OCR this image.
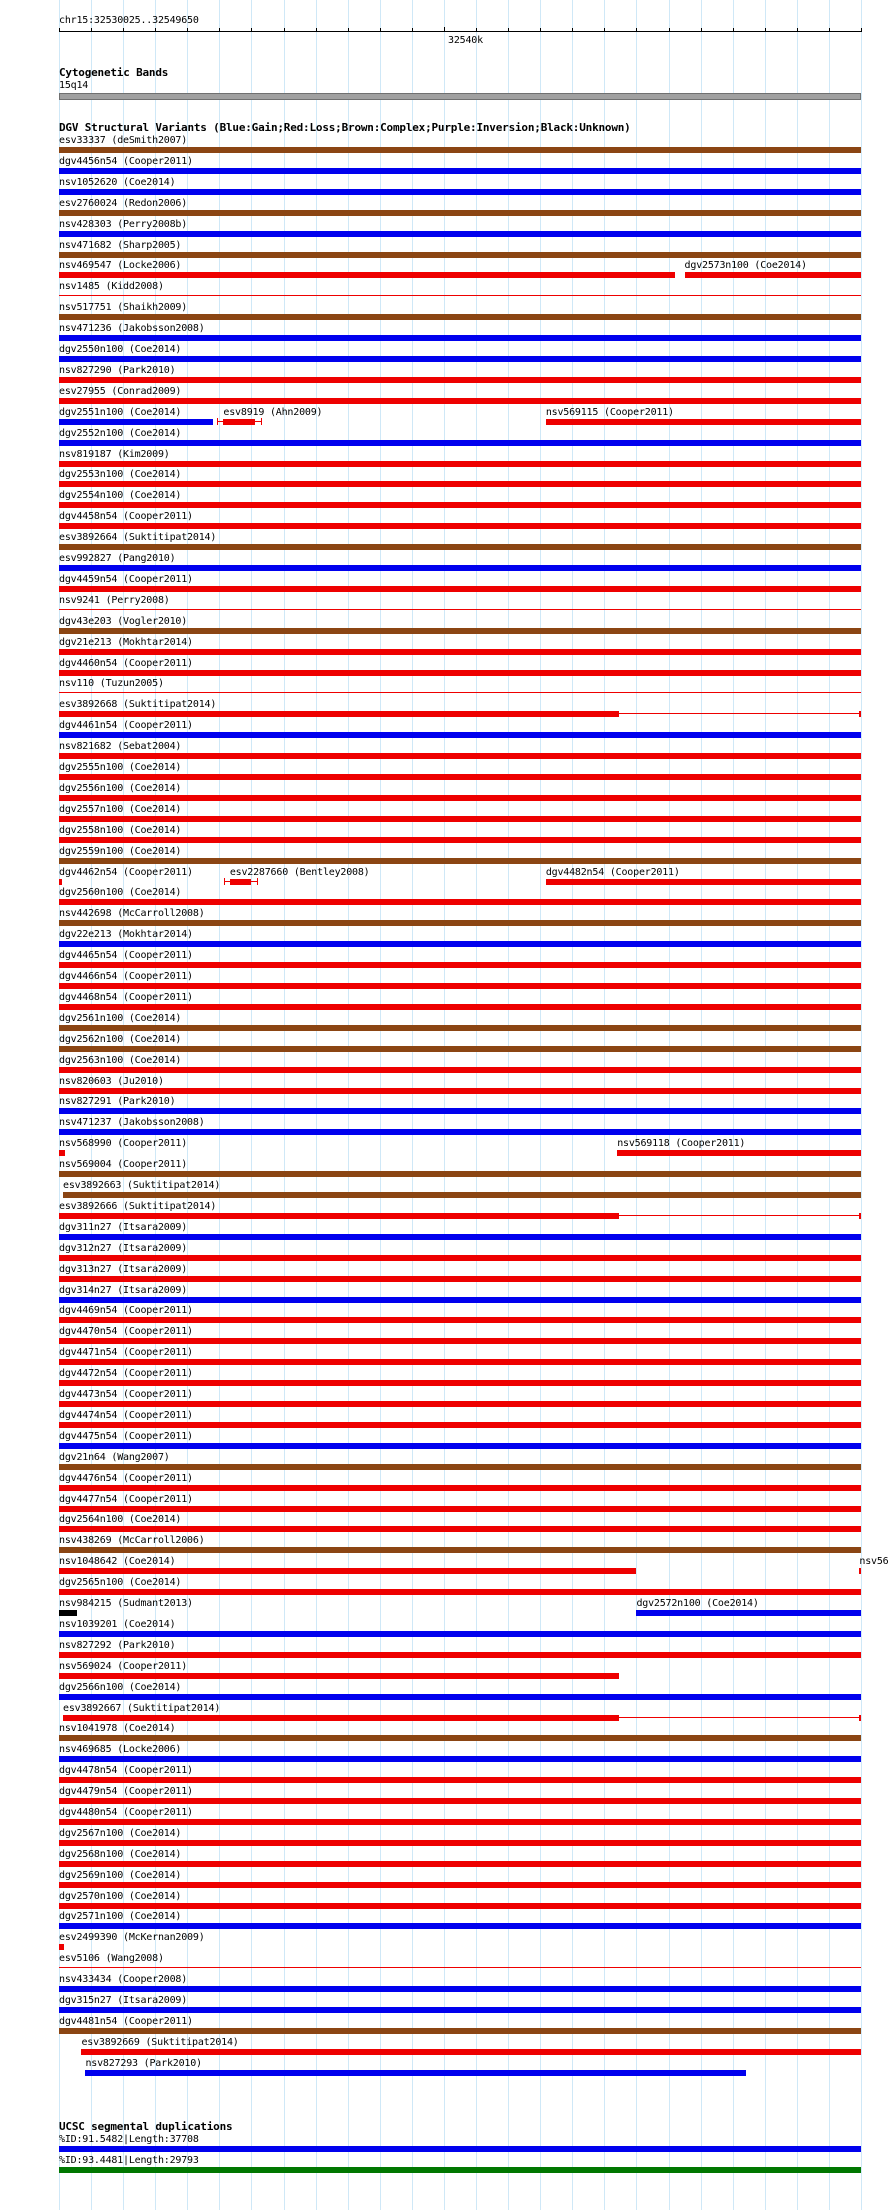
chr15:32530025..32549650
32540k
Cytogenetic Bands
15q14
DGV Structural Variants (Blue:Gain;Red:Loss;Brown:Complex;Purple:Inversion;Black:Unknown)
esv33337 (deSmith2007)
dgv4456n54 (Cooper2011)
nsv1052620 (Coe2014)
esv2760024 (Redon2006)
nsv428303 (Perry2008b)
nsv471682 (Sharp2005)
nsv469547 (Locke2006)	dgv2573n100 (Coe2014)
nsv1485 (Kidd2008)
nsv517751 (Shaikh2009)
nsv471236 (Jakobsson2008)
dgv2550n100 (Coe2014)
nsv827290 (Park2010)
esv27955 (Conrad2009)
dgv2551n100 (Coe2014)	esv8919 (Ahn2009)	nsv569115 (Cooper2011)
dgv2552n100 (Coe2014)
nsv819187 (Kim2009)
dgv2553n100 (Coe2014)
dgv2554n100 (Coe2014)
dgv4458n54 (Cooper2011)
esv3892664 (Suktitipat2014)
esv992827 (Pang2010)
dgv4459n54 (Cooper2011)
nsv9241 (Perry2008)
dgv43e203 (Vogler2010)
dgv21e213 (Mokhtar2014)
dgv4460n54 (Cooper2011)
nsv110 (Tuzun2005)
esv3892668 (Suktitipat2014)
dgv4461n54 (Cooper2011)
nsv821682 (Sebat2004)
dgv2555n100 (Coe2014)
dgv2556n100 (Coe2014)
dgv2557n100 (Coe2014)
dgv2558n100 (Coe2014)
dgv2559n100 (Coe2014)
dgv4462n54 (Cooper2011)	esv2287660 (Bentley2008)	dgv4482n54 (Cooper2011)
dgv2560n100 (Coe2014)
nsv442698 (McCarroll2008)
dgv22e213 (Mokhtar2014)
dgv4465n54 (Cooper2011)
dgv4466n54 (Cooper2011)
dgv4468n54 (Cooper2011)
dgv2561n100 (Coe2014)
dgv2562n100 (Coe2014)
dgv2563n100 (Coe2014)
nsv820603 (Ju2010)
nsv827291 (Park2010)
nsv471237 (Jakobsson2008)
nsv568990 (Cooper2011)	nsv569118 (Cooper2011)
nsv569004 (Cooper2011)
esv3892663 (Suktitipat2014)
esv3892666 (Suktitipat2014)
dgv311n27 (Itsara2009)
dgv312n27 (Itsara2009)
dgv313n27 (Itsara2009)
dgv314n27 (Itsara2009)
dgv4469n54 (Cooper2011)
dgv4470n54 (Cooper2011)
dgv4471n54 (Cooper2011)
dgv4472n54 (Cooper2011)
dgv4473n54 (Cooper2011)
dgv4474n54 (Cooper2011)
dgv4475n54 (Cooper2011)
dgv21n64 (Wang2007)
dgv4476n54 (Cooper2011)
dgv4477n54 (Cooper2011)
dgv2564n100 (Coe2014)
nsv438269 (McCarroll2006)
nsv1048642 (Coe2014)	nsv56
dgv2565n100 (Coe2014)
nsv984215 (Sudmant2013)	dgv2572n100 (Coe2014)
nsv1039201 (Coe2014)
nsv827292 (Park2010)
nsv569024 (Cooper2011)
dgv2566n100 (Coe2014)
esv3892667 (Suktitipat2014)
nsv1041978 (Coe2014)
nsv469685 (Locke2006)
dgv4478n54 (Cooper2011)
dgv4479n54 (Cooper2011)
dgv4480n54 (Cooper2011)
dgv2567n100 (Coe2014)
dgv2568n100 (Coe2014)
dgv2569n100 (Coe2014)
dgv2570n100 (Coe2014)
dgv2571n100 (Coe2014)
esv2499390 (McKernan2009)
esv5106 (Wang2008)
nsv433434 (Cooper2008)
dgv315n27 (Itsara2009)
dgv4481n54 (Cooper2011)
esv3892669 (Suktitipat2014)
nsv827293 (Park2010)
UCSC segmental duplications
%ID:91.5482|Length:37708
%ID:93.4481|Length:29793
